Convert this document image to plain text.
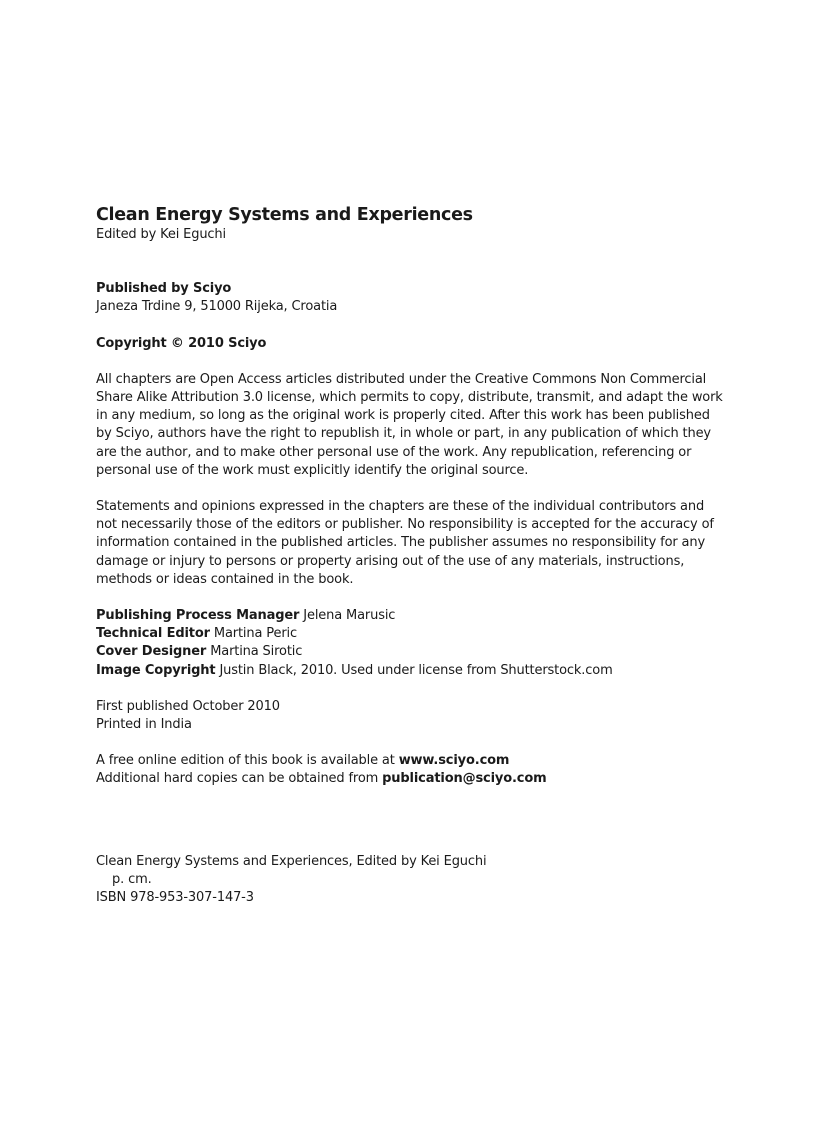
Clean Energy Systems and Experiences

Edited by Kei Eguchi

Published by Sciyo

Janeza Trdine 9, 51000 Rijeka, Croatia

Copyright © 2010 Sciyo

All chapters are Open Access articles distributed under the Creative Commons Non Commercial Share Alike Attribution 3.0 license, which permits to copy, distribute, transmit, and adapt the work in any medium, so long as the original work is properly cited. After this work has been published by Sciyo, authors have the right to republish it, in whole or part, in any publication of which they are the author, and to make other personal use of the work. Any republication, referencing or personal use of the work must explicitly identify the original source.

Statements and opinions expressed in the chapters are these of the individual contributors and not necessarily those of the editors or publisher. No responsibility is accepted for the accuracy of information contained in the published articles. The publisher assumes no responsibility for any damage or injury to persons or property arising out of the use of any materials, instructions, methods or ideas contained in the book.

Publishing Process Manager Jelena Marusic

Technical Editor Martina Peric

Cover Designer Martina Sirotic

Image Copyright Justin Black, 2010. Used under license from Shutterstock.com

First published October 2010

Printed in India

A free online edition of this book is available at www.sciyo.com

Additional hard copies can be obtained from publication@sciyo.com

Clean Energy Systems and Experiences, Edited by Kei Eguchi

p. cm.

ISBN 978-953-307-147-3
